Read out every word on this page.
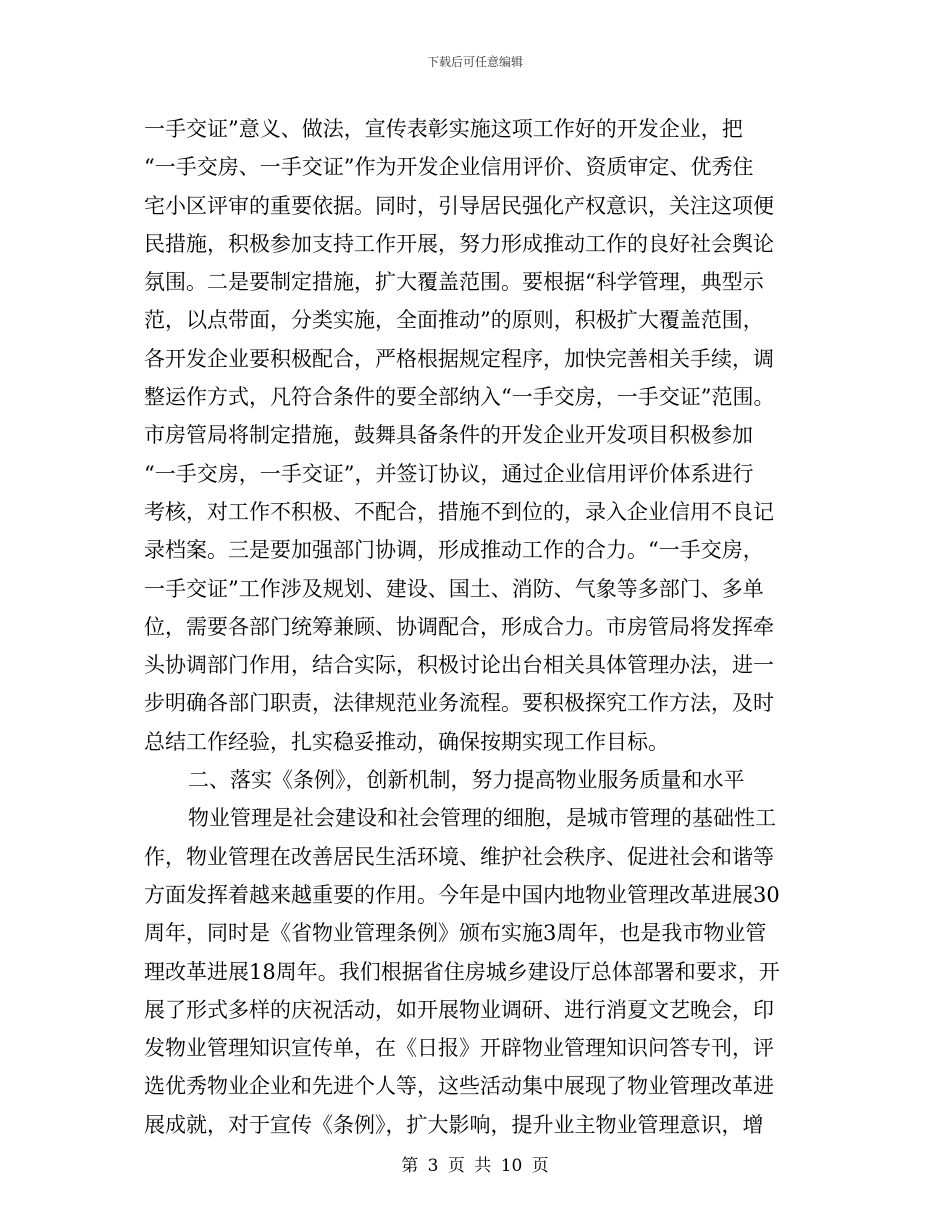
下载后可任意编辑
一手交证”意义、做法，宣传表彰实施这项工作好的开发企业，把
“一手交房、一手交证”作为开发企业信用评价、资质审定、优秀住
宅小区评审的重要依据。同时，引导居民强化产权意识，关注这项便
民措施，积极参加支持工作开展，努力形成推动工作的良好社会舆论
氛围。二是要制定措施，扩大覆盖范围。要根据“科学管理，典型示
范，以点带面，分类实施，全面推动”的原则，积极扩大覆盖范围，
各开发企业要积极配合，严格根据规定程序，加快完善相关手续，调
整运作方式，凡符合条件的要全部纳入“一手交房，一手交证”范围。
市房管局将制定措施，鼓舞具备条件的开发企业开发项目积极参加
“一手交房，一手交证”，并签订协议，通过企业信用评价体系进行
考核，对工作不积极、不配合，措施不到位的，录入企业信用不良记
录档案。三是要加强部门协调，形成推动工作的合力。“一手交房，
一手交证”工作涉及规划、建设、国土、消防、气象等多部门、多单
位，需要各部门统筹兼顾、协调配合，形成合力。市房管局将发挥牵
头协调部门作用，结合实际，积极讨论出台相关具体管理办法，进一
步明确各部门职责，法律规范业务流程。要积极探究工作方法，及时
总结工作经验，扎实稳妥推动，确保按期实现工作目标。
二、落实《条例》，创新机制，努力提高物业服务质量和水平
物业管理是社会建设和社会管理的细胞，是城市管理的基础性工
作，物业管理在改善居民生活环境、维护社会秩序、促进社会和谐等
方面发挥着越来越重要的作用。今年是中国内地物业管理改革进展30
周年，同时是《省物业管理条例》颁布实施3周年，也是我市物业管
理改革进展18周年。我们根据省住房城乡建设厅总体部署和要求，开
展了形式多样的庆祝活动，如开展物业调研、进行消夏文艺晚会，印
发物业管理知识宣传单，在《日报》开辟物业管理知识问答专刊，评
选优秀物业企业和先进个人等，这些活动集中展现了物业管理改革进
展成就，对于宣传《条例》，扩大影响，提升业主物业管理意识，增
第 3 页 共 10 页
